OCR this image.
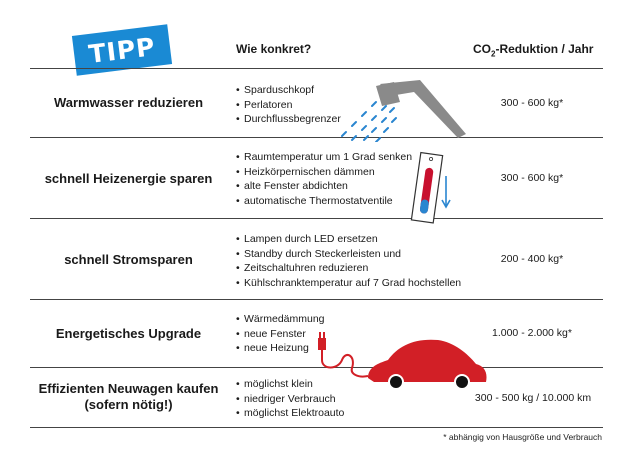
TIPP	Wie konkret?	$CO_2$-Reduktion / Jahr
Warmwasser reduzieren
• Sparduschkopf
• Perlatoren
• Durchflussbegrenzer
300 - 600 kg*
schnell Heizenergie sparen
• Raumtemperatur um 1 Grad senken
• Heizkörpernischen dämmen
• alte Fenster abdichten
• automatische Thermostatventile
300 - 600 kg*
schnell Stromsparen
• Lampen durch LED ersetzen
• Standby durch Steckerleisten und
• Zeitschaltuhren reduzieren
• Kühlschranktemperatur auf 7 Grad hochstellen
200 - 400 kg*
Energetisches Upgrade
• Wärmedämmung
• neue Fenster
• neue Heizung
1.000 - 2.000 kg*
Effizienten Neuwagen kaufen
(sofern nötig!)
• möglichst klein
• niedriger Verbrauch
• möglichst Elektroauto
300 - 500 kg / 10.000 km
* abhängig von Hausgröße und Verbrauch
